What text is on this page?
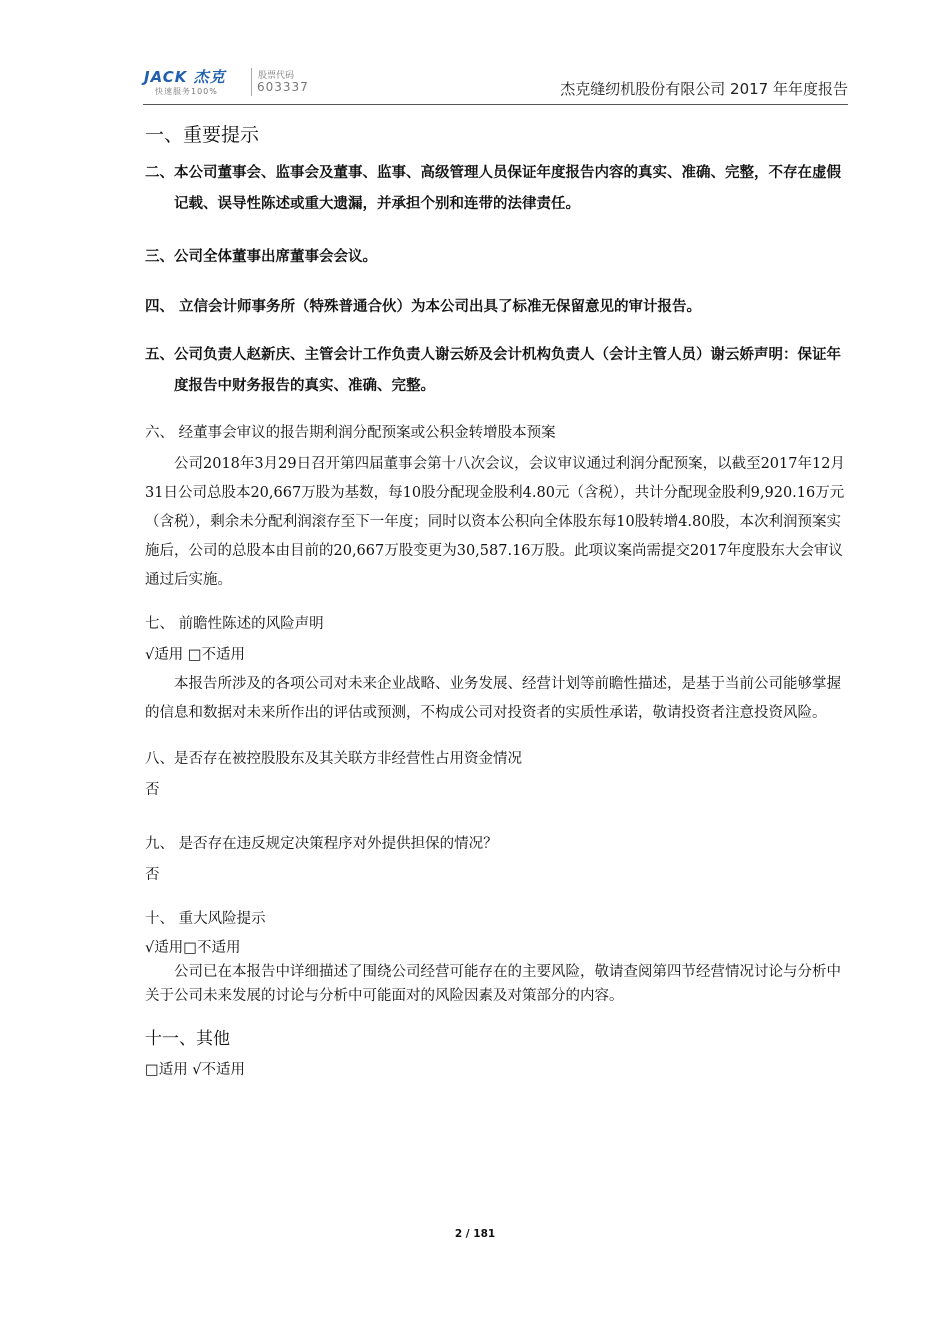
JACK 杰克
快速服务100%
股票代码
603337	杰克缝纫机股份有限公司 2017 年年度报告

一、重要提示

二、本公司董事会、监事会及董事、监事、高级管理人员保证年度报告内容的真实、准确、完整，不存在虚假记载、误导性陈述或重大遗漏，并承担个别和连带的法律责任。

三、公司全体董事出席董事会会议。

四、 立信会计师事务所（特殊普通合伙）为本公司出具了标准无保留意见的审计报告。

五、公司负责人赵新庆、主管会计工作负责人谢云娇及会计机构负责人（会计主管人员）谢云娇声明：保证年度报告中财务报告的真实、准确、完整。

六、 经董事会审议的报告期利润分配预案或公积金转增股本预案

公司2018年3月29日召开第四届董事会第十八次会议，会议审议通过利润分配预案，以截至2017年12月31日公司总股本20,667万股为基数，每10股分配现金股利4.80元（含税），共计分配现金股利9,920.16万元（含税），剩余未分配利润滚存至下一年度；同时以资本公积向全体股东每10股转增4.80股，本次利润预案实施后，公司的总股本由目前的20,667万股变更为30,587.16万股。此项议案尚需提交2017年度股东大会审议通过后实施。

七、 前瞻性陈述的风险声明

√适用 □不适用

本报告所涉及的各项公司对未来企业战略、业务发展、经营计划等前瞻性描述，是基于当前公司能够掌握的信息和数据对未来所作出的评估或预测，不构成公司对投资者的实质性承诺，敬请投资者注意投资风险。

八、是否存在被控股股东及其关联方非经营性占用资金情况

否

九、 是否存在违反规定决策程序对外提供担保的情况？

否

十、 重大风险提示

√适用□不适用

公司已在本报告中详细描述了围绕公司经营可能存在的主要风险，敬请查阅第四节经营情况讨论与分析中关于公司未来发展的讨论与分析中可能面对的风险因素及对策部分的内容。

十一、其他

□适用 √不适用

2 / 181
